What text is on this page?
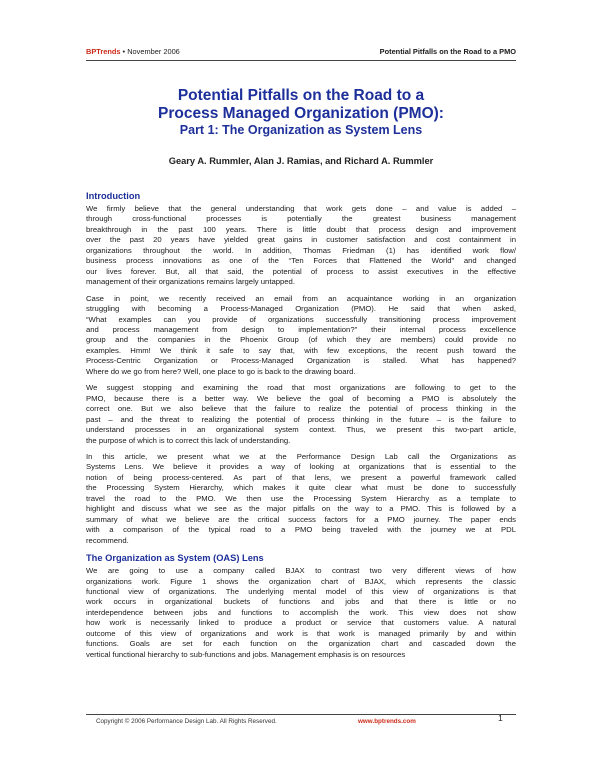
BPTrends • November 2006	Potential Pitfalls on the Road to a PMO
Potential Pitfalls on the Road to a
Process Managed Organization (PMO):
Part 1: The Organization as System Lens
Geary A. Rummler, Alan J. Ramias, and Richard A. Rummler
Introduction
We firmly believe that the general understanding that work gets done – and value is added –
through cross-functional processes is potentially the greatest business management
breakthrough in the past 100 years. There is little doubt that process design and improvement
over the past 20 years have yielded great gains in customer satisfaction and cost containment in
organizations throughout the world. In addition, Thomas Friedman (1) has identified work flow/
business process innovations as one of the “Ten Forces that Flattened the World” and changed
our lives forever. But, all that said, the potential of process to assist executives in the effective
management of their organizations remains largely untapped.
Case in point, we recently received an email from an acquaintance working in an organization
struggling with becoming a Process-Managed Organization (PMO). He said that when asked,
“What examples can you provide of organizations successfully transitioning process improvement
and process management from design to implementation?” their internal process excellence
group and the companies in the Phoenix Group (of which they are members) could provide no
examples. Hmm! We think it safe to say that, with few exceptions, the recent push toward the
Process-Centric Organization or Process-Managed Organization is stalled. What has happened?
Where do we go from here? Well, one place to go is back to the drawing board.
We suggest stopping and examining the road that most organizations are following to get to the
PMO, because there is a better way. We believe the goal of becoming a PMO is absolutely the
correct one. But we also believe that the failure to realize the potential of process thinking in the
past – and the threat to realizing the potential of process thinking in the future – is the failure to
understand processes in an organizational system context. Thus, we present this two-part article,
the purpose of which is to correct this lack of understanding.
In this article, we present what we at the Performance Design Lab call the Organizations as
Systems Lens. We believe it provides a way of looking at organizations that is essential to the
notion of being process-centered. As part of that lens, we present a powerful framework called
the Processing System Hierarchy, which makes it quite clear what must be done to successfully
travel the road to the PMO. We then use the Processing System Hierarchy as a template to
highlight and discuss what we see as the major pitfalls on the way to a PMO. This is followed by a
summary of what we believe are the critical success factors for a PMO journey. The paper ends
with a comparison of the typical road to a PMO being traveled with the journey we at PDL
recommend.
The Organization as System (OAS) Lens
We are going to use a company called BJAX to contrast two very different views of how
organizations work. Figure 1 shows the organization chart of BJAX, which represents the classic
functional view of organizations. The underlying mental model of this view of organizations is that
work occurs in organizational buckets of functions and jobs and that there is little or no
interdependence between jobs and functions to accomplish the work. This view does not show
how work is necessarily linked to produce a product or service that customers value. A natural
outcome of this view of organizations and work is that work is managed primarily by and within
functions. Goals are set for each function on the organization chart and cascaded down the
vertical functional hierarchy to sub-functions and jobs. Management emphasis is on resources
Copyright © 2006 Performance Design Lab. All Rights Reserved.	www.bptrends.com	1
